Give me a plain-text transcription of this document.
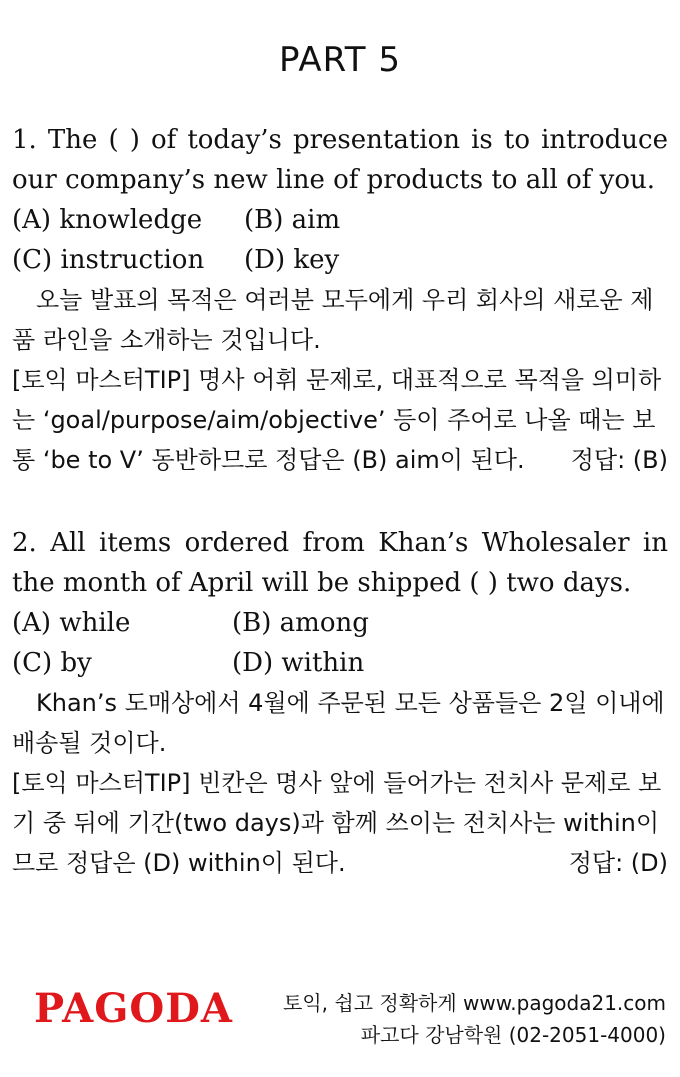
PART 5
1. The ( ) of today’s presentation is to introduce our company’s new line of products to all of you.
(A) knowledge	(B) aim
(C) instruction	(D) key
오늘 발표의 목적은 여러분 모두에게 우리 회사의 새로운 제품 라인을 소개하는 것입니다.
[토익 마스터TIP] 명사 어휘 문제로, 대표적으로 목적을 의미하는 ‘goal/purpose/aim/objective’ 등이 주어로 나올 때는 보통 ‘be to V’ 동반하므로 정답은 (B) aim이 된다. 정답: (B)
2. All items ordered from Khan’s Wholesaler in the month of April will be shipped ( ) two days.
(A) while	(B) among
(C) by	(D) within
Khan’s 도매상에서 4월에 주문된 모든 상품들은 2일 이내에 배송될 것이다.
[토익 마스터TIP] 빈칸은 명사 앞에 들어가는 전치사 문제로 보기 중 뒤에 기간(two days)과 함께 쓰이는 전치사는 within이므로 정답은 (D) within이 된다.	정답: (D)
PAGODA	토익, 쉽고 정확하게 www.pagoda21.com
파고다 강남학원 (02-2051-4000)
